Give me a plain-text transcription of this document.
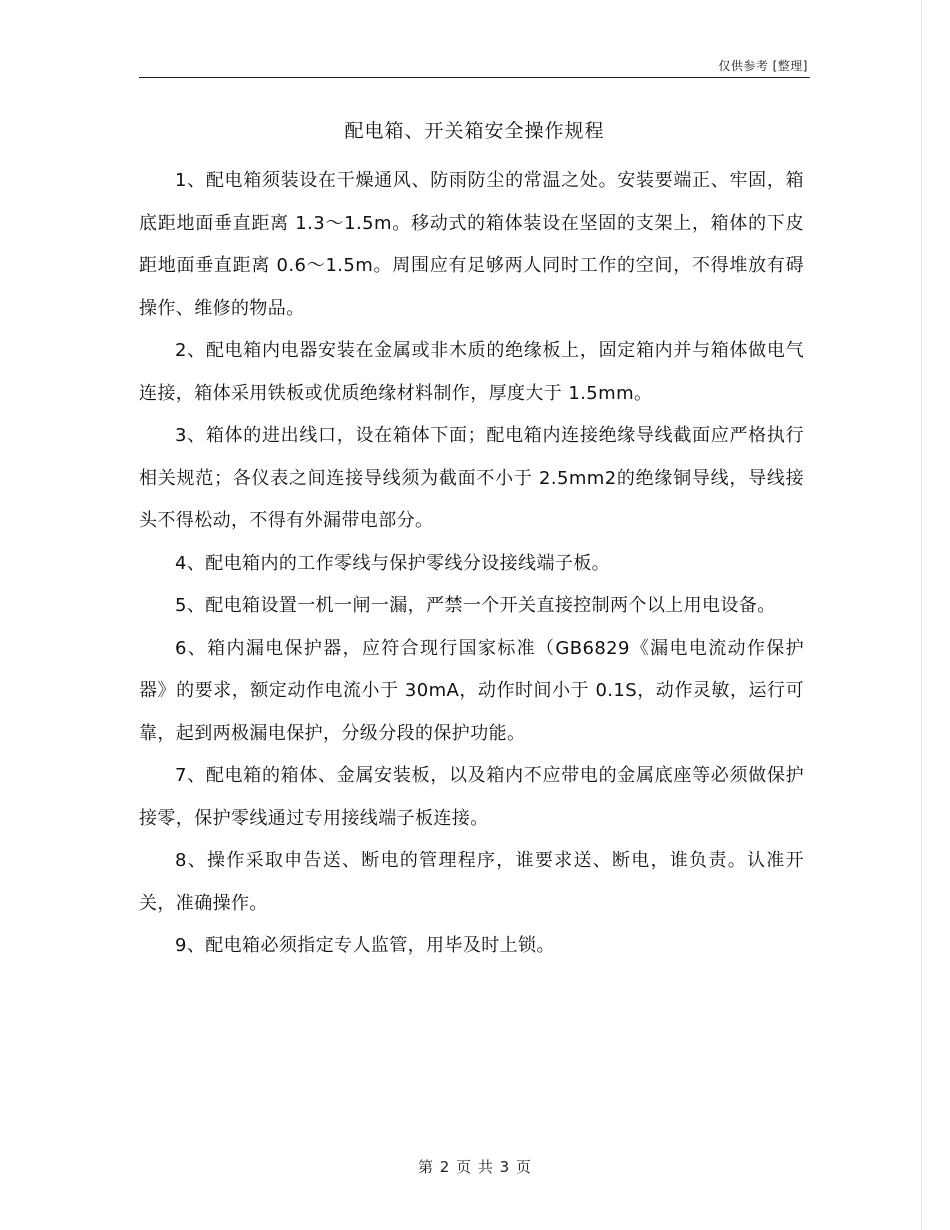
仅供参考 [整理]
配电箱、开关箱安全操作规程

1、配电箱须装设在干燥通风、防雨防尘的常温之处。安装要端正、牢固，箱底距地面垂直距离 1.3～1.5m。移动式的箱体装设在坚固的支架上，箱体的下皮距地面垂直距离 0.6～1.5m。周围应有足够两人同时工作的空间，不得堆放有碍操作、维修的物品。

2、配电箱内电器安装在金属或非木质的绝缘板上，固定箱内并与箱体做电气连接，箱体采用铁板或优质绝缘材料制作，厚度大于 1.5mm。

3、箱体的进出线口，设在箱体下面；配电箱内连接绝缘导线截面应严格执行相关规范；各仪表之间连接导线须为截面不小于 2.5mm2的绝缘铜导线，导线接头不得松动，不得有外漏带电部分。

4、配电箱内的工作零线与保护零线分设接线端子板。

5、配电箱设置一机一闸一漏，严禁一个开关直接控制两个以上用电设备。

6、箱内漏电保护器，应符合现行国家标准（GB6829《漏电电流动作保护器》的要求，额定动作电流小于 30mA，动作时间小于 0.1S，动作灵敏，运行可靠，起到两极漏电保护，分级分段的保护功能。

7、配电箱的箱体、金属安装板，以及箱内不应带电的金属底座等必须做保护接零，保护零线通过专用接线端子板连接。

8、操作采取申告送、断电的管理程序，谁要求送、断电，谁负责。认准开关，准确操作。

9、配电箱必须指定专人监管，用毕及时上锁。

第 2 页 共 3 页
